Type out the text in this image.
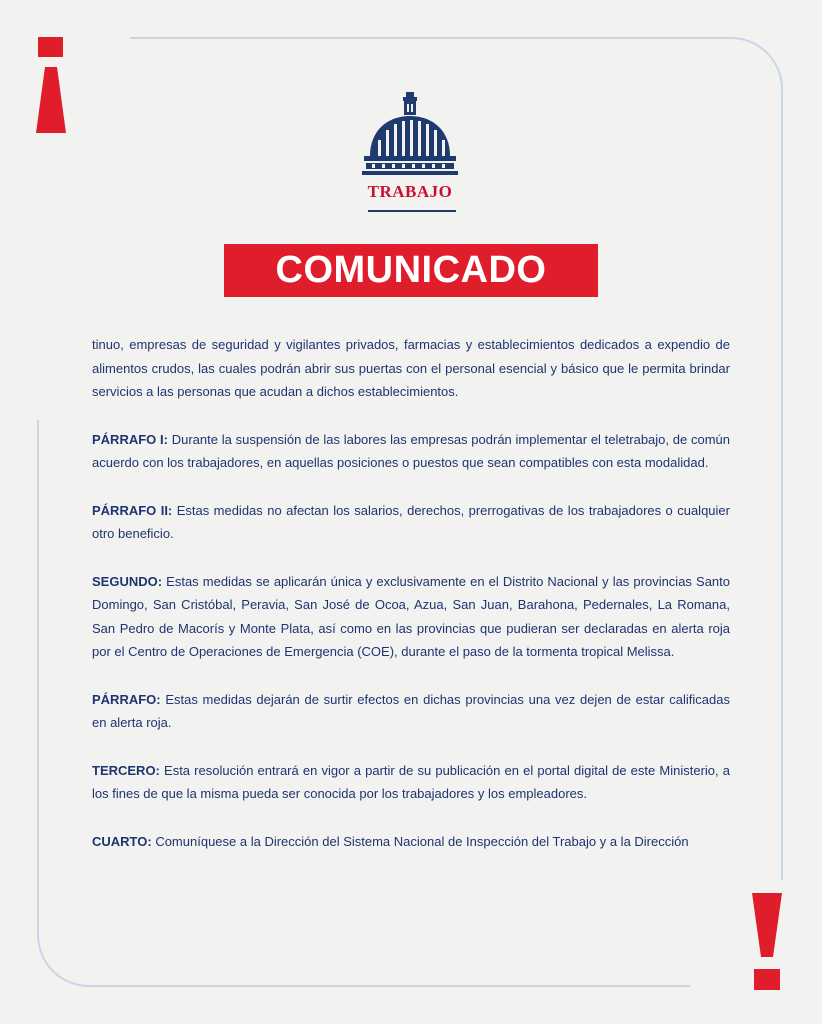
TRABAJO
COMUNICADO

tinuo, empresas de seguridad y vigilantes privados, farmacias y establecimientos dedicados a expendio de alimentos crudos, las cuales podrán abrir sus puertas con el personal esencial y básico que le permita brindar servicios a las personas que acudan a dichos establecimientos.

PÁRRAFO I: Durante la suspensión de las labores las empresas podrán implementar el teletrabajo, de común acuerdo con los trabajadores, en aquellas posiciones o puestos que sean compatibles con esta modalidad.

PÁRRAFO II: Estas medidas no afectan los salarios, derechos, prerrogativas de los trabajadores o cualquier otro beneficio.

SEGUNDO: Estas medidas se aplicarán única y exclusivamente en el Distrito Nacional y las provincias Santo Domingo, San Cristóbal, Peravia, San José de Ocoa, Azua, San Juan, Barahona, Pedernales, La Romana, San Pedro de Macorís y Monte Plata, así como en las provincias que pudieran ser declaradas en alerta roja por el Centro de Operaciones de Emergencia (COE), durante el paso de la tormenta tropical Melissa.

PÁRRAFO: Estas medidas dejarán de surtir efectos en dichas provincias una vez dejen de estar calificadas en alerta roja.

TERCERO: Esta resolución entrará en vigor a partir de su publicación en el portal digital de este Ministerio, a los fines de que la misma pueda ser conocida por los trabajadores y los empleadores.

CUARTO: Comuníquese a la Dirección del Sistema Nacional de Inspección del Trabajo y a la Dirección
